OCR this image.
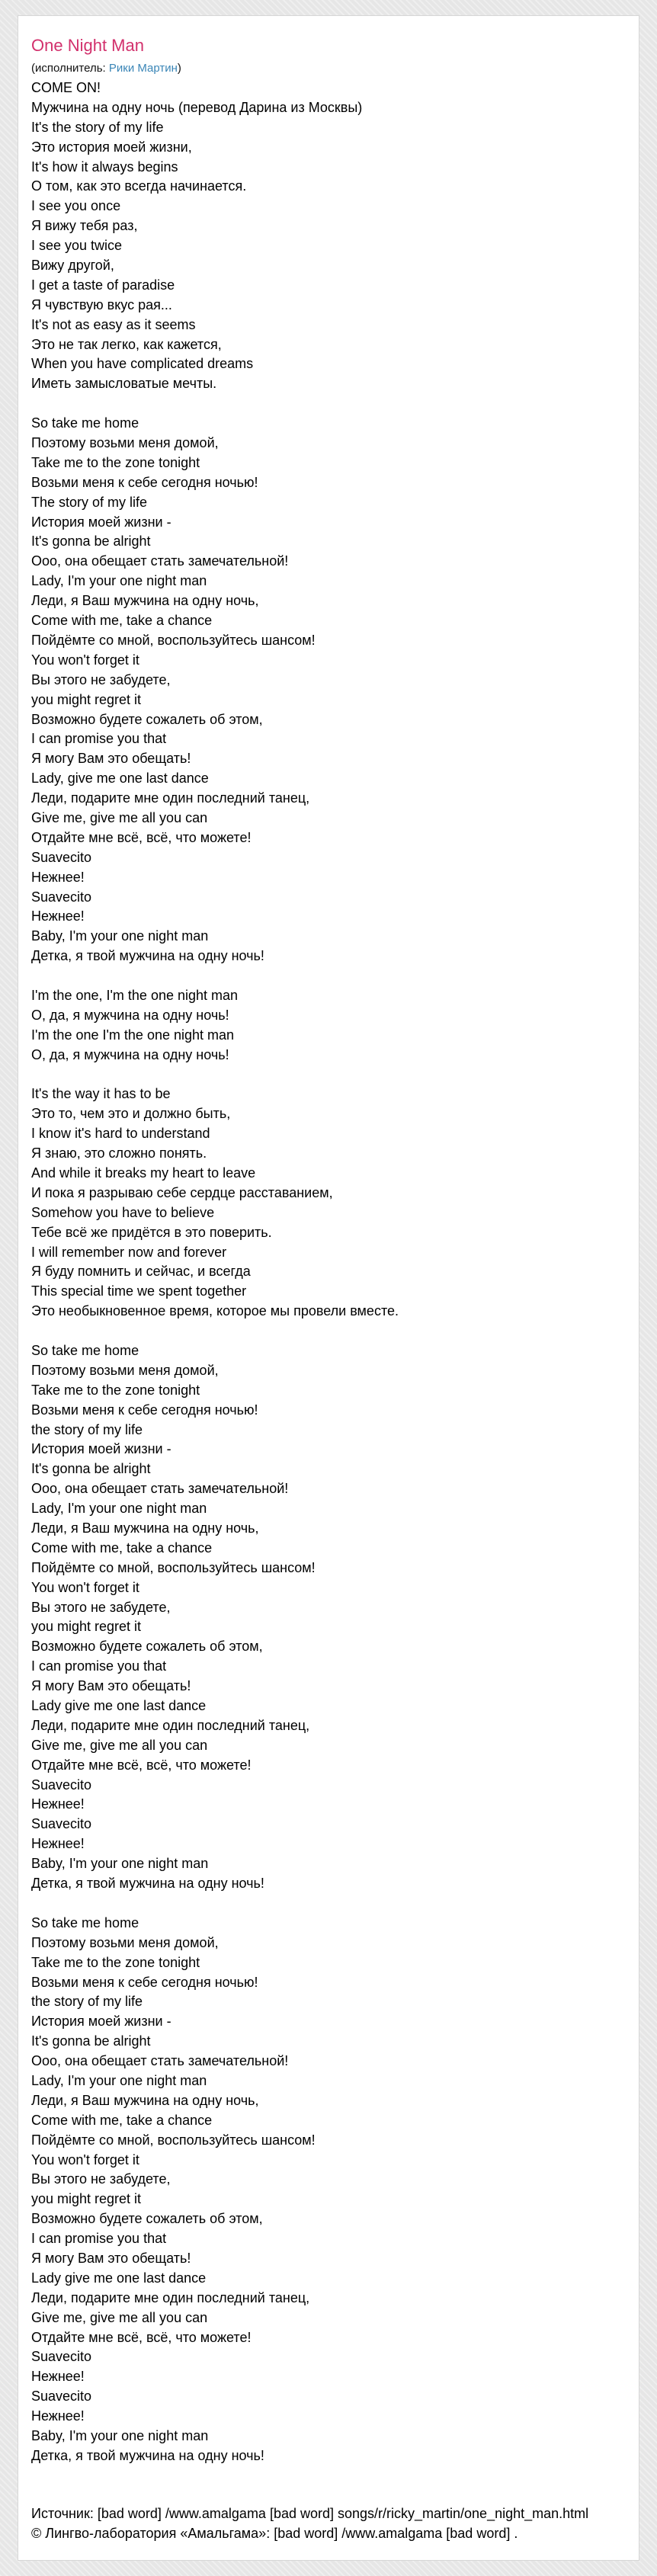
One Night Man
(исполнитель: Рики Мартин)
COME ON!
Мужчина на одну ночь (перевод Дарина из Москвы)
It's the story of my life
Это история моей жизни,
It's how it always begins
О том, как это всегда начинается.
I see you once
Я вижу тебя раз,
I see you twice
Вижу другой,
I get a taste of paradise
Я чувствую вкус рая...
It's not as easy as it seems
Это не так легко, как кажется,
When you have complicated dreams
Иметь замысловатые мечты.
So take me home
Поэтому возьми меня домой,
Take me to the zone tonight
Возьми меня к себе сегодня ночью!
The story of my life
История моей жизни -
It's gonna be alright
Ооо, она обещает стать замечательной!
Lady, I'm your one night man
Леди, я Ваш мужчина на одну ночь,
Come with me, take a chance
Пойдёмте со мной, воспользуйтесь шансом!
You won't forget it
Вы этого не забудете,
you might regret it
Возможно будете сожалеть об этом,
I can promise you that
Я могу Вам это обещать!
Lady, give me one last dance
Леди, подарите мне один последний танец,
Give me, give me all you can
Отдайте мне всё, всё, что можете!
Suavecito
Нежнее!
Suavecito
Нежнее!
Baby, I'm your one night man
Детка, я твой мужчина на одну ночь!
I'm the one, I'm the one night man
О, да, я мужчина на одну ночь!
I'm the one I'm the one night man
О, да, я мужчина на одну ночь!
It's the way it has to be
Это то, чем это и должно быть,
I know it's hard to understand
Я знаю, это сложно понять.
And while it breaks my heart to leave
И пока я разрываю себе сердце расставанием,
Somehow you have to believe
Тебе всё же придётся в это поверить.
I will remember now and forever
Я буду помнить и сейчас, и всегда
This special time we spent together
Это необыкновенное время, которое мы провели вместе.
So take me home
Поэтому возьми меня домой,
Take me to the zone tonight
Возьми меня к себе сегодня ночью!
the story of my life
История моей жизни -
It's gonna be alright
Ооо, она обещает стать замечательной!
Lady, I'm your one night man
Леди, я Ваш мужчина на одну ночь,
Come with me, take a chance
Пойдёмте со мной, воспользуйтесь шансом!
You won't forget it
Вы этого не забудете,
you might regret it
Возможно будете сожалеть об этом,
I can promise you that
Я могу Вам это обещать!
Lady give me one last dance
Леди, подарите мне один последний танец,
Give me, give me all you can
Отдайте мне всё, всё, что можете!
Suavecito
Нежнее!
Suavecito
Нежнее!
Baby, I'm your one night man
Детка, я твой мужчина на одну ночь!
So take me home
Поэтому возьми меня домой,
Take me to the zone tonight
Возьми меня к себе сегодня ночью!
the story of my life
История моей жизни -
It's gonna be alright
Ооо, она обещает стать замечательной!
Lady, I'm your one night man
Леди, я Ваш мужчина на одну ночь,
Come with me, take a chance
Пойдёмте со мной, воспользуйтесь шансом!
You won't forget it
Вы этого не забудете,
you might regret it
Возможно будете сожалеть об этом,
I can promise you that
Я могу Вам это обещать!
Lady give me one last dance
Леди, подарите мне один последний танец,
Give me, give me all you can
Отдайте мне всё, всё, что можете!
Suavecito
Нежнее!
Suavecito
Нежнее!
Baby, I'm your one night man
Детка, я твой мужчина на одну ночь!
Источник: [bad word] /www.amalgama [bad word] songs/r/ricky_martin/one_night_man.html
© Лингво-лаборатория «Амальгама»: [bad word] /www.amalgama [bad word] .
